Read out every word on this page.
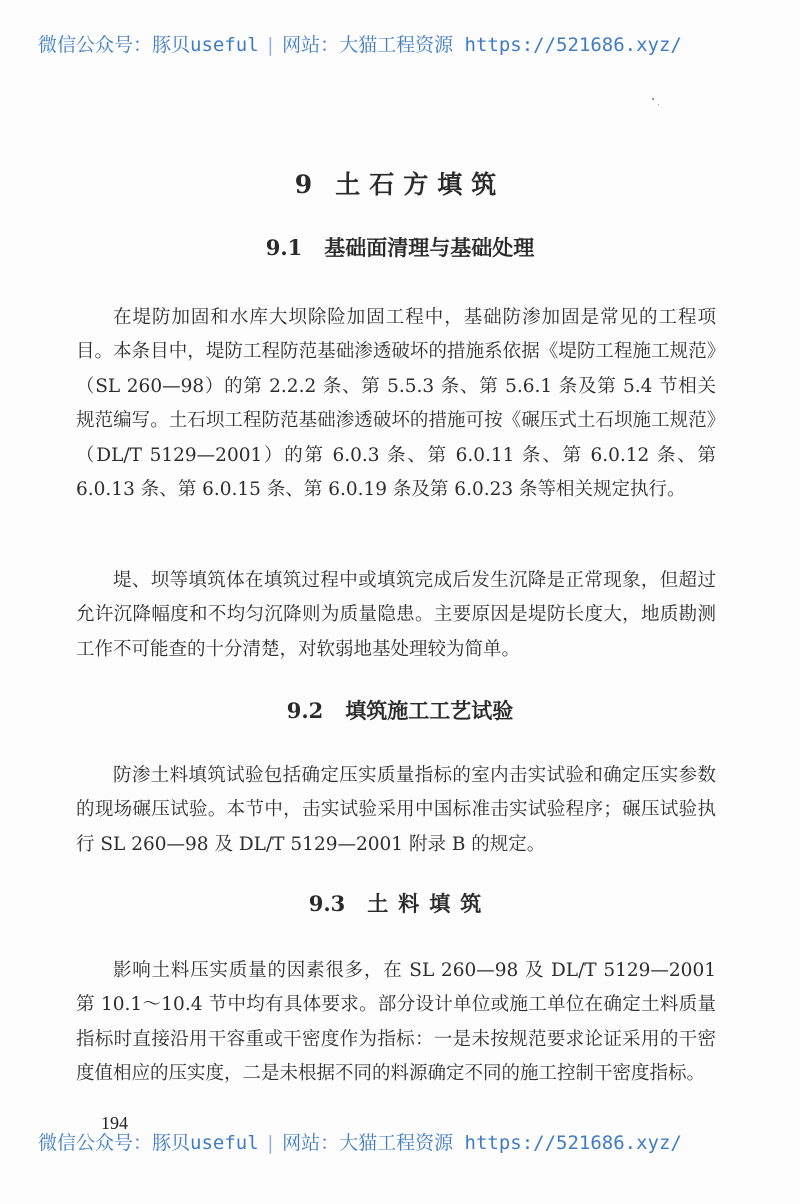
微信公众号：豚贝useful | 网站：大猫工程资源 https://521686.xyz/
9 土石方填筑
9.1 基础面清理与基础处理

在堤防加固和水库大坝除险加固工程中，基础防渗加固是常见的工程项目。本条目中，堤防工程防范基础渗透破坏的措施系依据《堤防工程施工规范》（SL 260—98）的第 2.2.2 条、第 5.5.3 条、第 5.6.1 条及第 5.4 节相关规范编写。土石坝工程防范基础渗透破坏的措施可按《碾压式土石坝施工规范》（DL/T 5129—2001）的第 6.0.3 条、第 6.0.11 条、第 6.0.12 条、第 6.0.13 条、第 6.0.15 条、第 6.0.19 条及第 6.0.23 条等相关规定执行。

堤、坝等填筑体在填筑过程中或填筑完成后发生沉降是正常现象，但超过允许沉降幅度和不均匀沉降则为质量隐患。主要原因是堤防长度大，地质勘测工作不可能查的十分清楚，对软弱地基处理较为简单。

9.2 填筑施工工艺试验

防渗土料填筑试验包括确定压实质量指标的室内击实试验和确定压实参数的现场碾压试验。本节中，击实试验采用中国标准击实试验程序；碾压试验执行 SL 260—98 及 DL/T 5129—2001 附录 B 的规定。

9.3 土料填筑

影响土料压实质量的因素很多，在 SL 260—98 及 DL/T 5129—2001 第 10.1～10.4 节中均有具体要求。部分设计单位或施工单位在确定土料质量指标时直接沿用干容重或干密度作为指标：一是未按规范要求论证采用的干密度值相应的压实度，二是未根据不同的料源确定不同的施工控制干密度指标。

194
微信公众号：豚贝useful | 网站：大猫工程资源 https://521686.xyz/
